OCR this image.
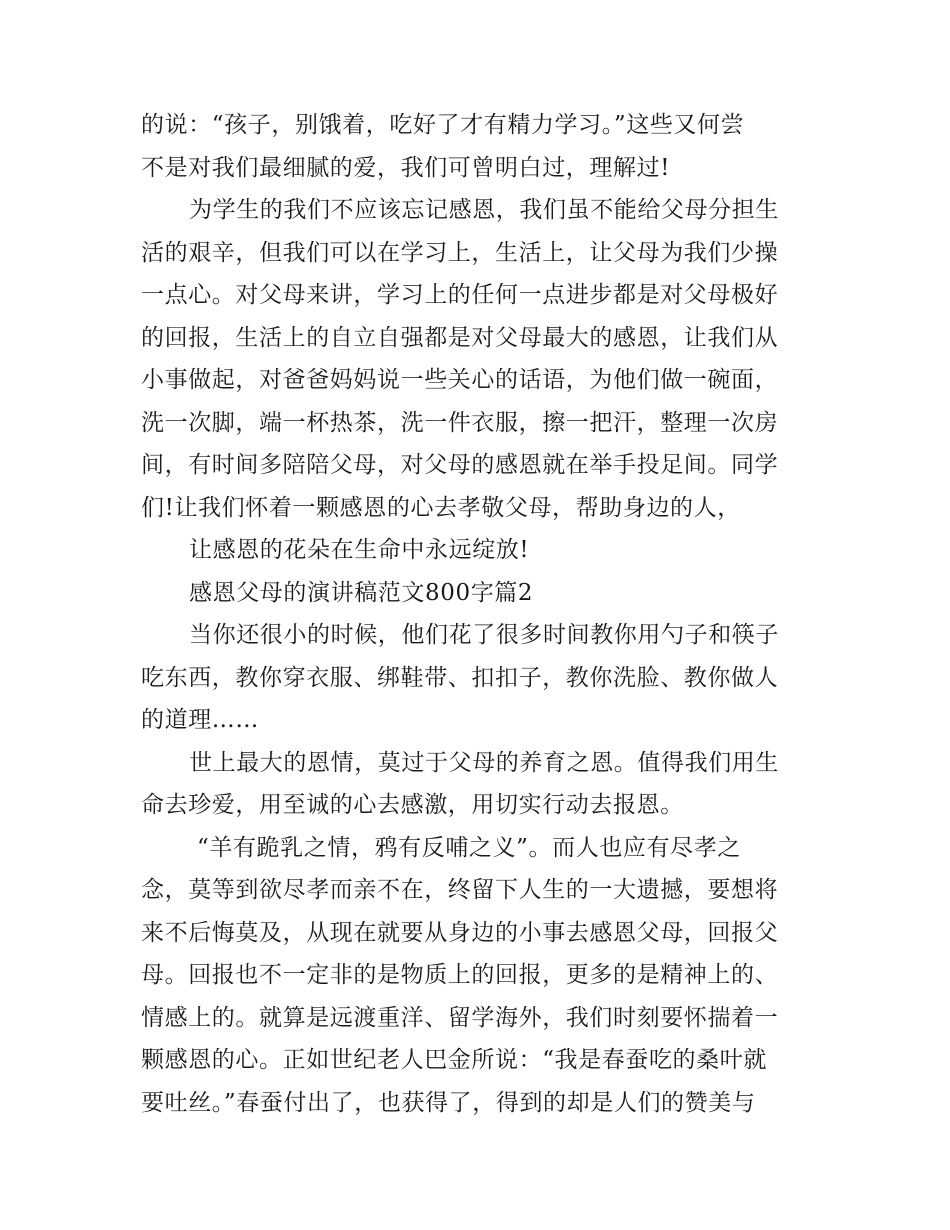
的说：“孩子，别饿着，吃好了才有精力学习。”这些又何尝
不是对我们最细腻的爱，我们可曾明白过，理解过!
为学生的我们不应该忘记感恩，我们虽不能给父母分担生
活的艰辛，但我们可以在学习上，生活上，让父母为我们少操
一点心。对父母来讲，学习上的任何一点进步都是对父母极好
的回报，生活上的自立自强都是对父母最大的感恩，让我们从
小事做起，对爸爸妈妈说一些关心的话语，为他们做一碗面，
洗一次脚，端一杯热茶，洗一件衣服，擦一把汗，整理一次房
间，有时间多陪陪父母，对父母的感恩就在举手投足间。同学
们!让我们怀着一颗感恩的心去孝敬父母，帮助身边的人，
让感恩的花朵在生命中永远绽放!
感恩父母的演讲稿范文800字篇2
当你还很小的时候，他们花了很多时间教你用勺子和筷子
吃东西，教你穿衣服、绑鞋带、扣扣子，教你洗脸、教你做人
的道理……
世上最大的恩情，莫过于父母的养育之恩。值得我们用生
命去珍爱，用至诚的心去感激，用切实行动去报恩。
“羊有跪乳之情，鸦有反哺之义”。而人也应有尽孝之
念，莫等到欲尽孝而亲不在，终留下人生的一大遗撼，要想将
来不后悔莫及，从现在就要从身边的小事去感恩父母，回报父
母。回报也不一定非的是物质上的回报，更多的是精神上的、
情感上的。就算是远渡重洋、留学海外，我们时刻要怀揣着一
颗感恩的心。正如世纪老人巴金所说：“我是春蚕吃的桑叶就
要吐丝。”春蚕付出了，也获得了，得到的却是人们的赞美与
